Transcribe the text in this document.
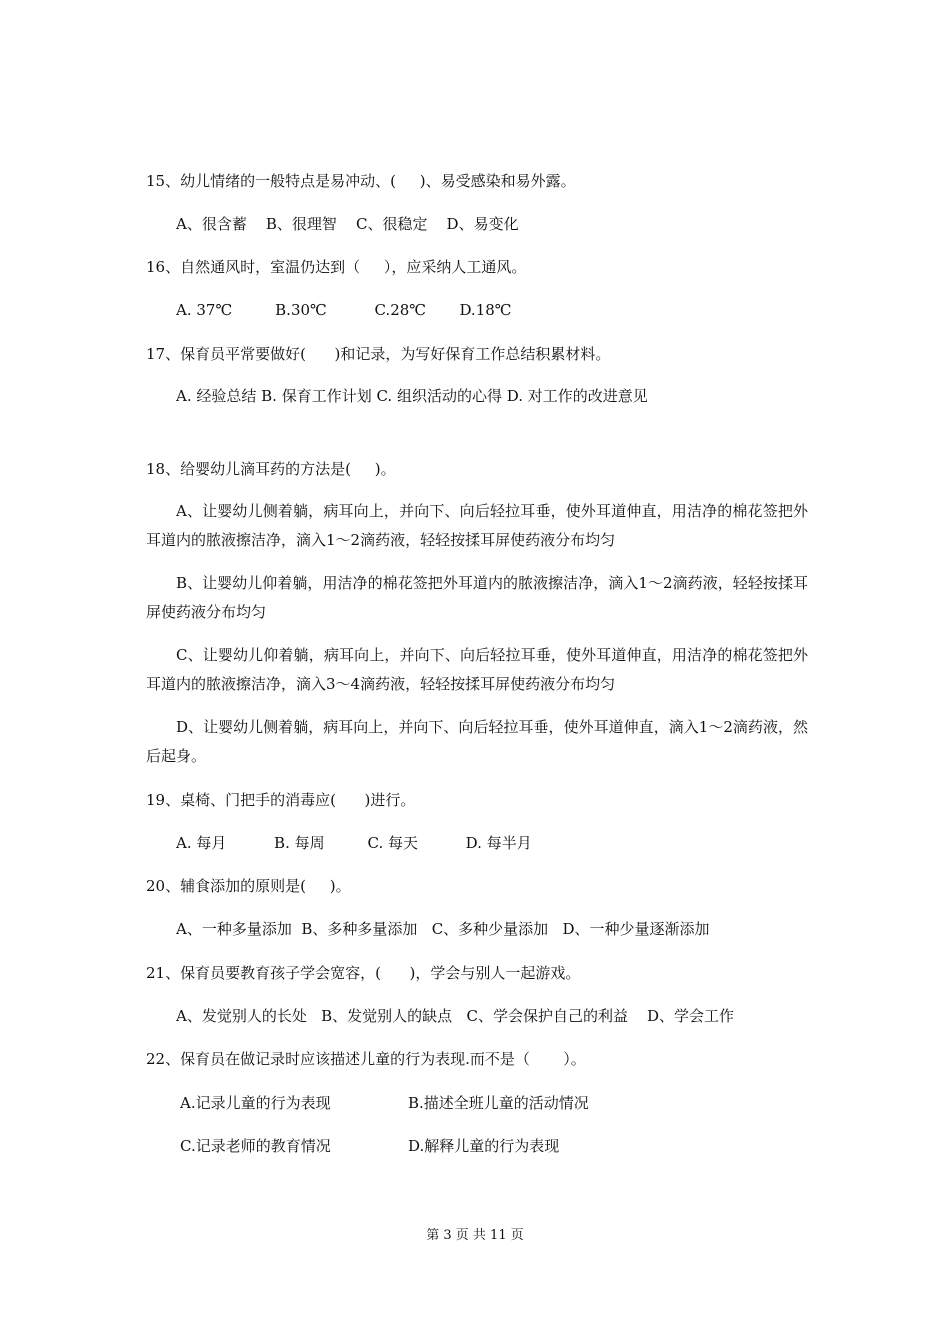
15、幼儿情绪的一般特点是易冲动、(     )、易受感染和易外露。
A、很含蓄    B、很理智    C、很稳定    D、易变化
16、自然通风时，室温仍达到（     ），应采纳人工通风。
A. 37℃         B.30℃          C.28℃       D.18℃
17、保育员平常要做好(      )和记录，为写好保育工作总结积累材料。
A. 经验总结 B. 保育工作计划 C. 组织活动的心得 D. 对工作的改进意见
18、给婴幼儿滴耳药的方法是(     )。
A、让婴幼儿侧着躺，病耳向上，并向下、向后轻拉耳垂，使外耳道伸直，用洁净的棉花签把外耳道内的脓液擦洁净，滴入1～2滴药液，轻轻按揉耳屏使药液分布均匀
B、让婴幼儿仰着躺，用洁净的棉花签把外耳道内的脓液擦洁净，滴入1～2滴药液，轻轻按揉耳屏使药液分布均匀
C、让婴幼儿仰着躺，病耳向上，并向下、向后轻拉耳垂，使外耳道伸直，用洁净的棉花签把外耳道内的脓液擦洁净，滴入3～4滴药液，轻轻按揉耳屏使药液分布均匀
D、让婴幼儿侧着躺，病耳向上，并向下、向后轻拉耳垂，使外耳道伸直，滴入1～2滴药液，然后起身。
19、桌椅、门把手的消毒应(      )进行。
A. 每月          B. 每周         C. 每天          D. 每半月
20、辅食添加的原则是(     )。
A、一种多量添加  B、多种多量添加   C、多种少量添加   D、一种少量逐渐添加
21、保育员要教育孩子学会宽容，(      )，学会与别人一起游戏。
A、发觉别人的长处   B、发觉别人的缺点   C、学会保护自己的利益    D、学会工作
22、保育员在做记录时应该描述儿童的行为表现.而不是（       ）。
A.记录儿童的行为表现	B.描述全班儿童的活动情况
C.记录老师的教育情况	D.解释儿童的行为表现
第 3 页 共 11 页
